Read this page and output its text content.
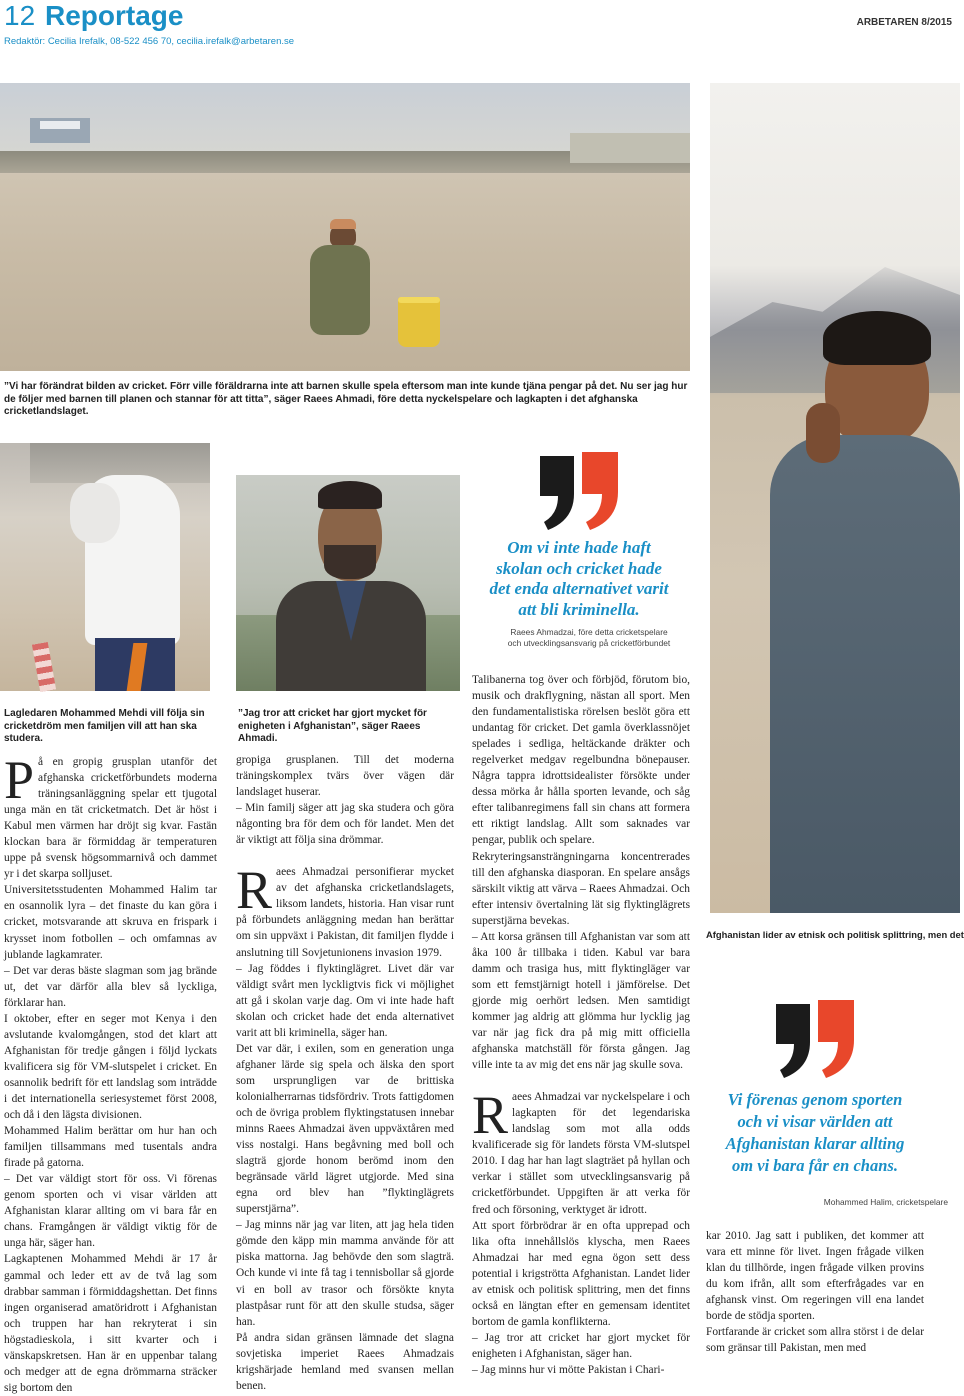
12 Reportage
Redaktör: Cecilia Irefalk, 08-522 456 70, cecilia.irefalk@arbetaren.se
ARBETAREN 8/2015
”Vi har förändrat bilden av cricket. Förr ville föräldrarna inte att barnen skulle spela eftersom man inte kunde tjäna pengar på det. Nu ser jag hur de följer med barnen till planen och stannar för att titta”, säger Raees Ahmadi, före detta nyckelspelare och lagkapten i det afghanska cricketlandslaget.
Afghanistan lider av etnisk och politisk splittring, men det
Lagledaren Mohammed Mehdi vill följa sin cricketdröm men familjen vill att han ska studera.
”Jag tror att cricket har gjort mycket för enigheten i Afghanistan”, säger Raees Ahmadi.
Om vi inte hade haft skolan och cricket hade det enda alternativet varit att bli kriminella.
Raees Ahmadzai, före detta cricketspelare och utvecklingsansvarig på cricketförbundet
Vi förenas genom sporten och vi visar världen att Afghanistan klarar allting om vi bara får en chans.
Mohammed Halim, cricketspelare

På en gropig grusplan utanför det afghanska cricketförbundets moderna träningsanläggning spelar ett tjugotal unga män en tät cricketmatch. Det är höst i Kabul men värmen har dröjt sig kvar. Fastän klockan bara är förmiddag är temperaturen uppe på svensk högsommarnivå och dammet yr i det skarpa solljuset.

Universitetsstudenten Mohammed Halim tar en osannolik lyra – det finaste du kan göra i cricket, motsvarande att skruva en frispark i krysset inom fotbollen – och omfamnas av jublande lagkamrater.

– Det var deras bäste slagman som jag brände ut, det var därför alla blev så lyckliga, förklarar han.

I oktober, efter en seger mot Kenya i den avslutande kvalomgången, stod det klart att Afghanistan för tredje gången i följd lyckats kvalificera sig för VM-slutspelet i cricket. En osannolik bedrift för ett landslag som inträdde i det internationella seriesystemet först 2008, och då i den lägsta divisionen.

Mohammed Halim berättar om hur han och familjen tillsammans med tusentals andra firade på gatorna.

– Det var väldigt stort för oss. Vi förenas genom sporten och vi visar världen att Afghanistan klarar allting om vi bara får en chans. Framgången är väldigt viktig för de unga här, säger han.

Lagkaptenen Mohammed Mehdi är 17 år gammal och leder ett av de två lag som drabbar samman i förmiddagshettan. Det finns ingen organiserad amatöridrott i Afghanistan och truppen har han rekryterat i sin högstadieskola, i sitt kvarter och i vänskapskretsen. Han är en uppenbar talang och medger att de egna drömmarna sträcker sig bortom den

gropiga grusplanen. Till det moderna träningskomplex tvärs över vägen där landslaget huserar.

– Min familj säger att jag ska studera och göra någonting bra för dem och för landet. Men det är viktigt att följa sina drömmar.

Raees Ahmadzai personifierar mycket av det afghanska cricketlandslagets, liksom landets, historia. Han visar runt på förbundets anläggning medan han berättar om sin uppväxt i Pakistan, dit familjen flydde i anslutning till Sovjetunionens invasion 1979.

– Jag föddes i flyktinglägret. Livet där var väldigt svårt men lyckligtvis fick vi möjlighet att gå i skolan varje dag. Om vi inte hade haft skolan och cricket hade det enda alternativet varit att bli kriminella, säger han.

Det var där, i exilen, som en generation unga afghaner lärde sig spela och älska den sport som ursprungligen var de brittiska kolonialherrarnas tidsfördriv. Trots fattigdomen och de övriga problem flyktingstatusen innebar minns Raees Ahmadzai även uppväxtåren med viss nostalgi. Hans begåvning med boll och slagträ gjorde honom berömd inom den begränsade värld lägret utgjorde. Med sina egna ord blev han ”flyktinglägrets superstjärna”.

– Jag minns när jag var liten, att jag hela tiden gömde den käpp min mamma använde för att piska mattorna. Jag behövde den som slagträ. Och kunde vi inte få tag i tennisbollar så gjorde vi en boll av trasor och försökte knyta plastpåsar runt för att den skulle studsa, säger han.

På andra sidan gränsen lämnade det slagna sovjetiska imperiet Raees Ahmadzais krigshärjade hemland med svansen mellan benen.

Talibanerna tog över och förbjöd, förutom bio, musik och drakflygning, nästan all sport. Men den fundamentalistiska rörelsen beslöt göra ett undantag för cricket. Det gamla överklassnöjet spelades i sedliga, heltäckande dräkter och regelverket medgav regelbundna bönepauser. Några tappra idrottsidealister försökte under dessa mörka år hålla sporten levande, och såg efter talibanregimens fall sin chans att formera ett riktigt landslag. Allt som saknades var pengar, publik och spelare.

Rekryteringsansträngningarna koncentrerades till den afghanska diasporan. En spelare ansågs särskilt viktig att värva – Raees Ahmadzai. Och efter intensiv övertalning lät sig flyktinglägrets superstjärna bevekas.

– Att korsa gränsen till Afghanistan var som att åka 100 år tillbaka i tiden. Kabul var bara damm och trasiga hus, mitt flyktingläger var som ett femstjärnigt hotell i jämförelse. Det gjorde mig oerhört ledsen. Men samtidigt kommer jag aldrig att glömma hur lycklig jag var när jag fick dra på mig mitt officiella afghanska matchställ för första gången. Jag ville inte ta av mig det ens när jag skulle sova.

Raees Ahmadzai var nyckelspelare i och lagkapten för det legendariska landslag som mot alla odds kvalificerade sig för landets första VM-slutspel 2010. I dag har han lagt slagträet på hyllan och verkar i stället som utvecklingsansvarig på cricketförbundet. Uppgiften är att verka för fred och försoning, verktyget är idrott.

Att sport förbrödrar är en ofta upprepad och lika ofta innehållslös klyscha, men Raees Ahmadzai har med egna ögon sett dess potential i krigströtta Afghanistan. Landet lider av etnisk och politisk splittring, men det finns också en längtan efter en gemensam identitet bortom de gamla konflikterna.

– Jag tror att cricket har gjort mycket för enigheten i Afghanistan, säger han.

– Jag minns hur vi mötte Pakistan i Chari-

kar 2010. Jag satt i publiken, det kommer att vara ett minne för livet. Ingen frågade vilken klan du tillhörde, ingen frågade vilken provins du kom ifrån, allt som efterfrågades var en afghansk vinst. Om regeringen vill ena landet borde de stödja sporten.

Fortfarande är cricket som allra störst i de delar som gränsar till Pakistan, men med
